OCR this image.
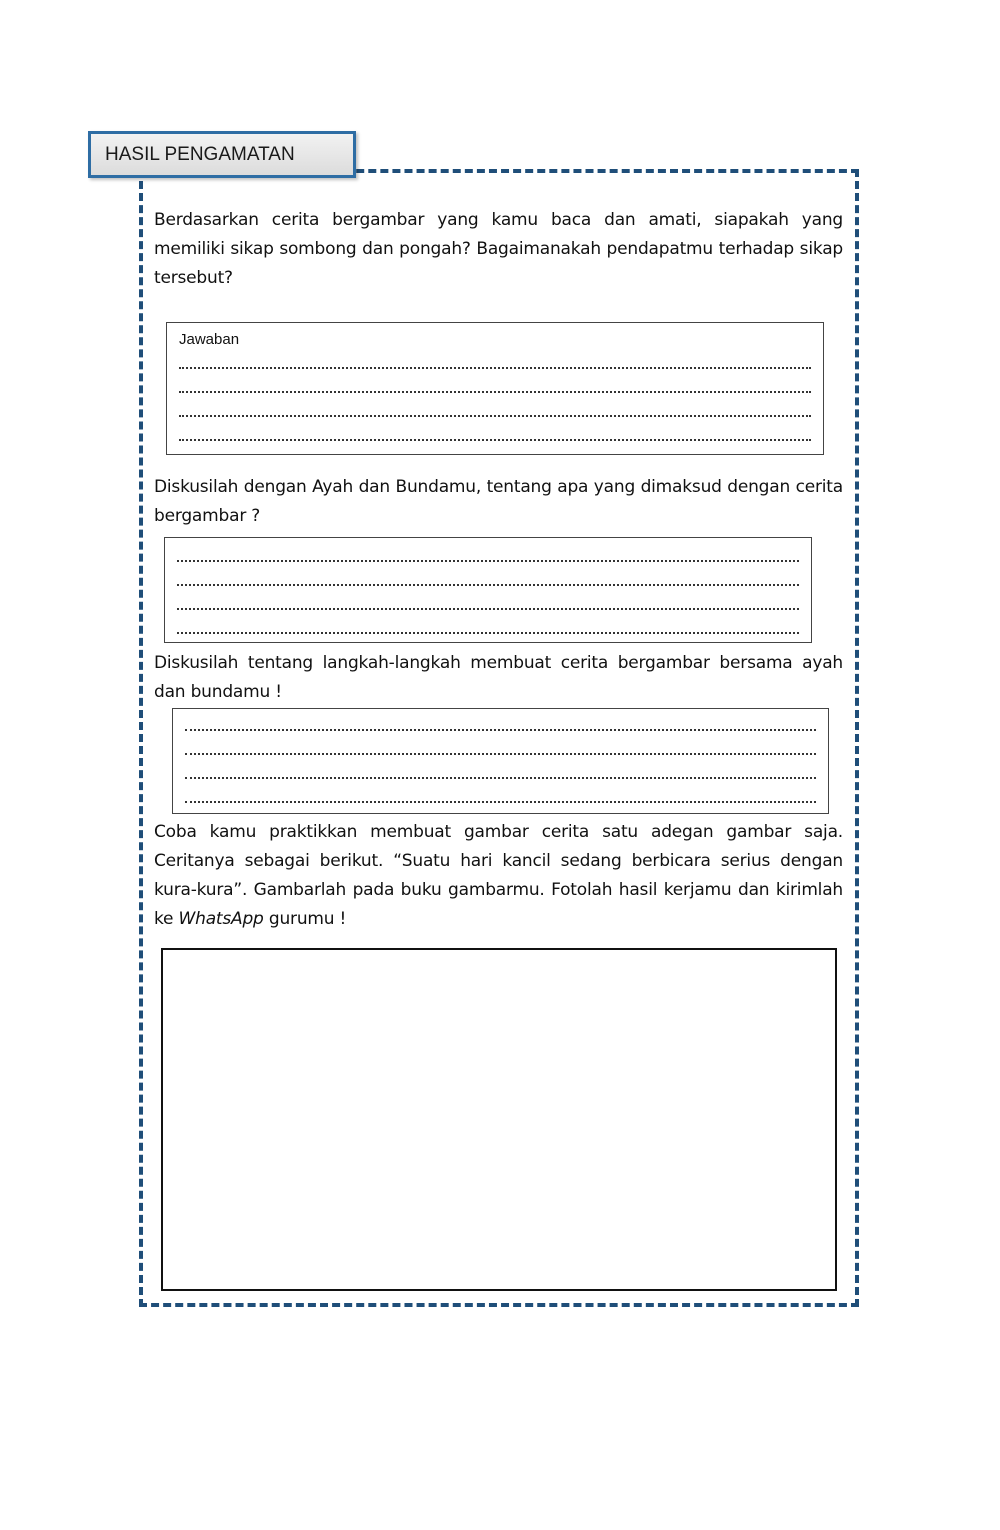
HASIL PENGAMATAN
Berdasarkan cerita bergambar yang kamu baca dan amati, siapakah yang memiliki sikap sombong dan pongah? Bagaimanakah pendapatmu terhadap sikap tersebut?
Jawaban
Diskusilah dengan Ayah dan Bundamu, tentang apa yang dimaksud dengan cerita bergambar ?
Diskusilah tentang langkah-langkah membuat cerita bergambar bersama ayah dan bundamu !
Coba kamu praktikkan membuat gambar cerita satu adegan gambar saja. Ceritanya sebagai berikut. “Suatu hari kancil sedang berbicara serius dengan kura-kura”. Gambarlah pada buku gambarmu. Fotolah hasil kerjamu dan kirimlah ke WhatsApp gurumu !
